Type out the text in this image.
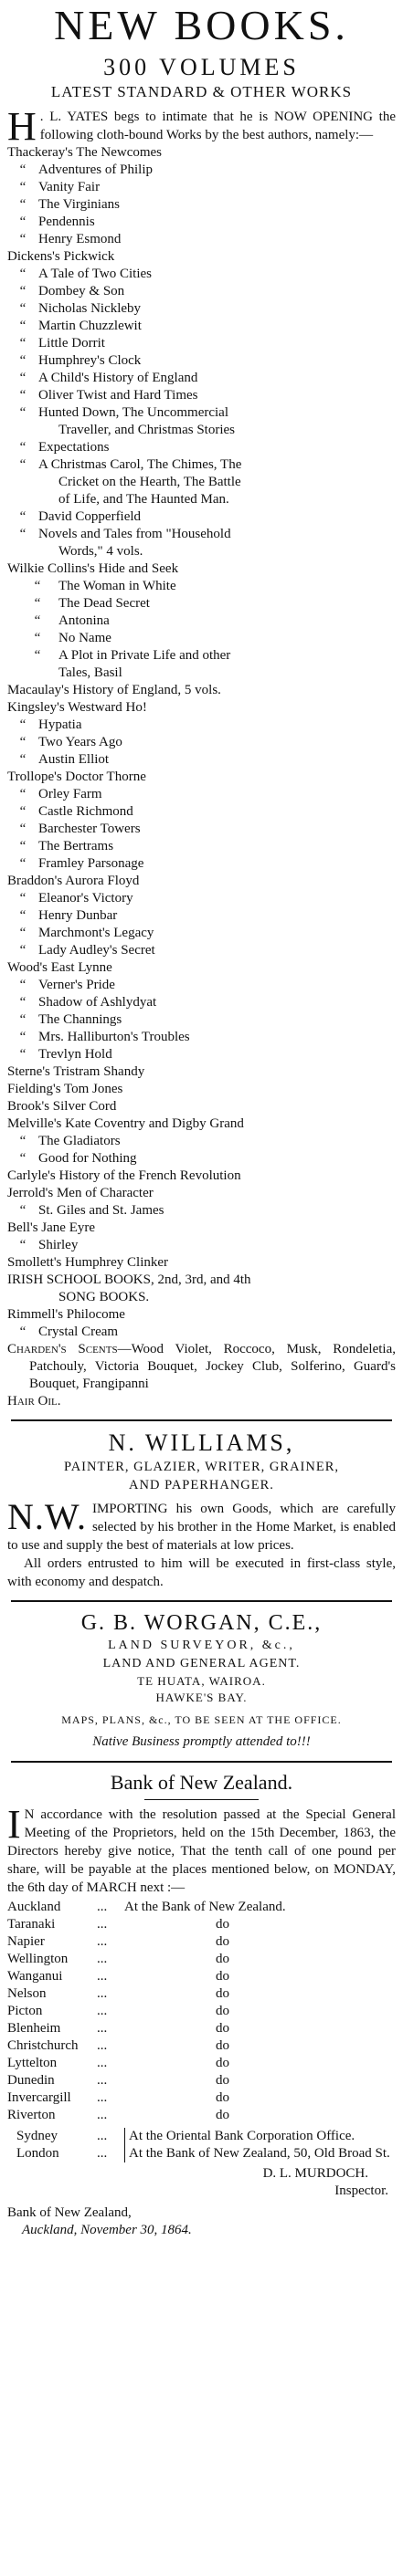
NEW BOOKS.
300 VOLUMES
LATEST STANDARD & OTHER WORKS
H . L. YATES begs to intimate that he is NOW OPENING the following cloth-bound Works by the best authors, namely:—
Thackeray's The Newcomes
“ Adventures of Philip
“ Vanity Fair
“ The Virginians
“ Pendennis
“ Henry Esmond
Dickens's Pickwick
“ A Tale of Two Cities
“ Dombey & Son
“ Nicholas Nickleby
“ Martin Chuzzlewit
“ Little Dorrit
“ Humphrey's Clock
“ A Child's History of England
“ Oliver Twist and Hard Times
“ Hunted Down, The Uncommercial
Traveller, and Christmas Stories
“ Expectations
“ A Christmas Carol, The Chimes, The
Cricket on the Hearth, The Battle
of Life, and The Haunted Man.
“ David Copperfield
“ Novels and Tales from "Household
Words," 4 vols.
Wilkie Collins's Hide and Seek
“ The Woman in White
“ The Dead Secret
“ Antonina
“ No Name
“ A Plot in Private Life and other
Tales, Basil
Macaulay's History of England, 5 vols.
Kingsley's Westward Ho!
“ Hypatia
“ Two Years Ago
“ Austin Elliot
Trollope's Doctor Thorne
“ Orley Farm
“ Castle Richmond
“ Barchester Towers
“ The Bertrams
“ Framley Parsonage
Braddon's Aurora Floyd
“ Eleanor's Victory
“ Henry Dunbar
“ Marchmont's Legacy
“ Lady Audley's Secret
Wood's East Lynne
“ Verner's Pride
“ Shadow of Ashlydyat
“ The Channings
“ Mrs. Halliburton's Troubles
“ Trevlyn Hold
Sterne's Tristram Shandy
Fielding's Tom Jones
Brook's Silver Cord
Melville's Kate Coventry and Digby Grand
“ The Gladiators
“ Good for Nothing
Carlyle's History of the French Revolution
Jerrold's Men of Character
“ St. Giles and St. James
Bell's Jane Eyre
“ Shirley
Smollett's Humphrey Clinker
IRISH SCHOOL BOOKS, 2nd, 3rd, and 4th
SONG BOOKS.
Rimmell's Philocome
“ Crystal Cream
Charden's Scents—Wood Violet, Roccoco, Musk, Rondeletia, Patchouly, Victoria Bouquet, Jockey Club, Solferino, Guard's Bouquet, Frangipanni
Hair Oil.
N. WILLIAMS,
PAINTER, GLAZIER, WRITER, GRAINER,
AND PAPERHANGER.
N.W. IMPORTING his own Goods, which are carefully selected by his brother in the Home Market, is enabled to use and supply the best of materials at low prices.
All orders entrusted to him will be executed in first-class style, with economy and despatch.
G. B. WORGAN, C.E.,
LAND SURVEYOR, &c.,
LAND AND GENERAL AGENT.
TE HUATA, WAIROA.
HAWKE'S BAY.
MAPS, PLANS, &c., TO BE SEEN AT THE OFFICE.
Native Business promptly attended to!!!
Bank of New Zealand.
I N accordance with the resolution passed at the Special General Meeting of the Proprietors, held on the 15th December, 1863, the Directors hereby give notice, That the tenth call of one pound per share, will be payable at the places mentioned below, on MONDAY, the 6th day of MARCH next :—
Auckland	...	At the Bank of New Zealand.
Taranaki	...	do
Napier	...	do
Wellington	...	do
Wanganui	...	do
Nelson	...	do
Picton	...	do
Blenheim	...	do
Christchurch	...	do
Lyttelton	...	do
Dunedin	...	do
Invercargill	...	do
Riverton	...	do
Sydney	...	At the Oriental Bank Corporation Office.
London	...	At the Bank of New Zealand, 50, Old Broad St.
D. L. MURDOCH.
Inspector.
Bank of New Zealand,
Auckland, November 30, 1864.
